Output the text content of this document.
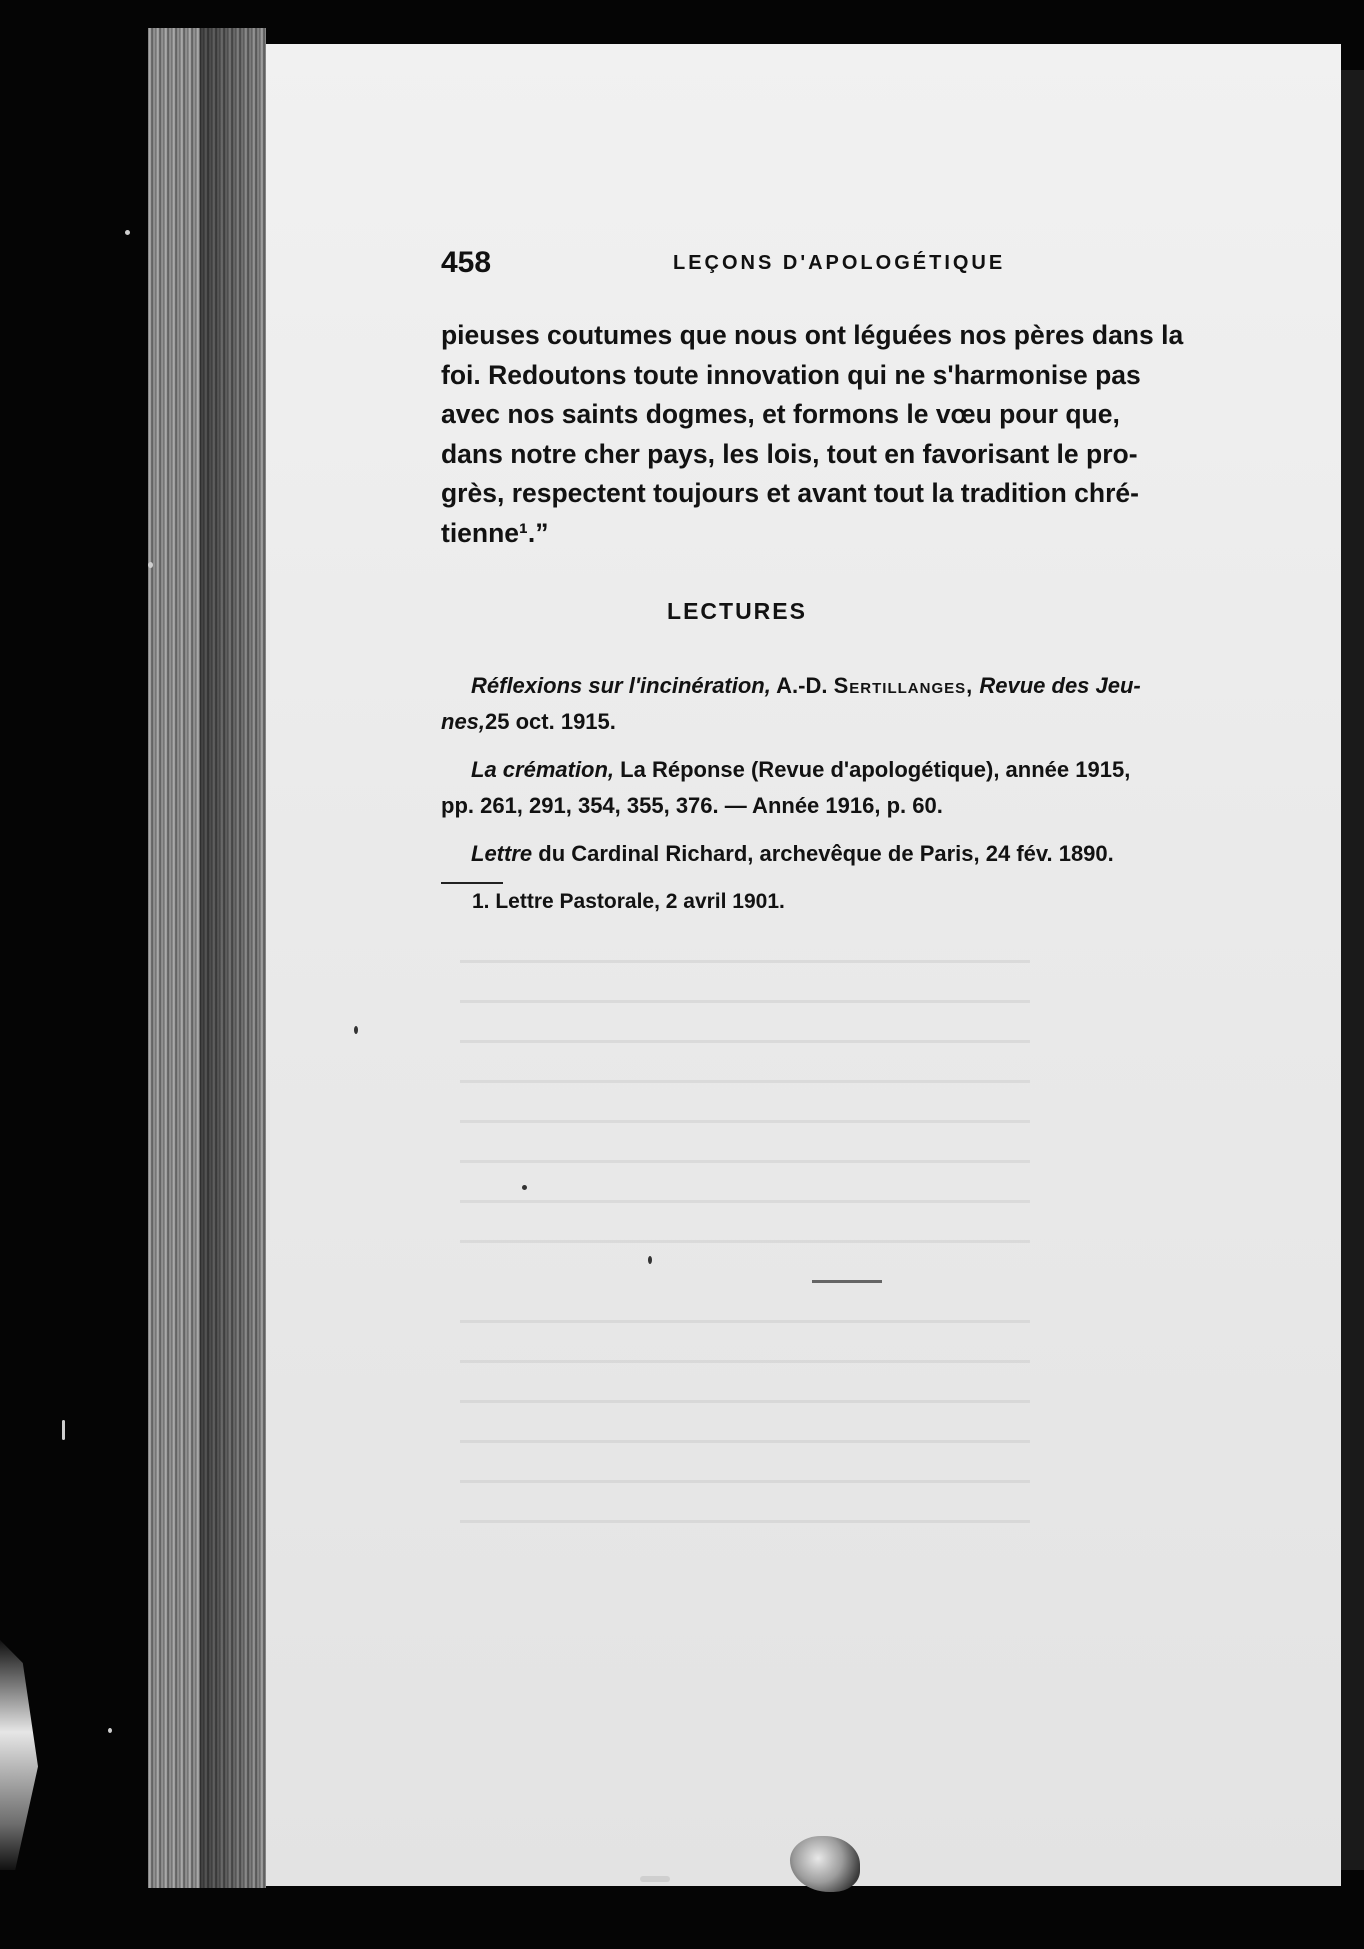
458	LEÇONS D'APOLOGÉTIQUE
pieuses coutumes que nous ont léguées nos pères dans la
foi. Redoutons toute innovation qui ne s'harmonise pas
avec nos saints dogmes, et formons le vœu pour que,
dans notre cher pays, les lois, tout en favorisant le pro-
grès, respectent toujours et avant tout la tradition chré-
tienne¹.”
LECTURES
Réflexions sur l'incinération, A.-D. Sertillanges, Revue des Jeu-
nes,25 oct. 1915.
La crémation, La Réponse (Revue d'apologétique), année 1915,
pp. 261, 291, 354, 355, 376. — Année 1916, p. 60.
Lettre du Cardinal Richard, archevêque de Paris, 24 fév. 1890.
1. Lettre Pastorale, 2 avril 1901.
